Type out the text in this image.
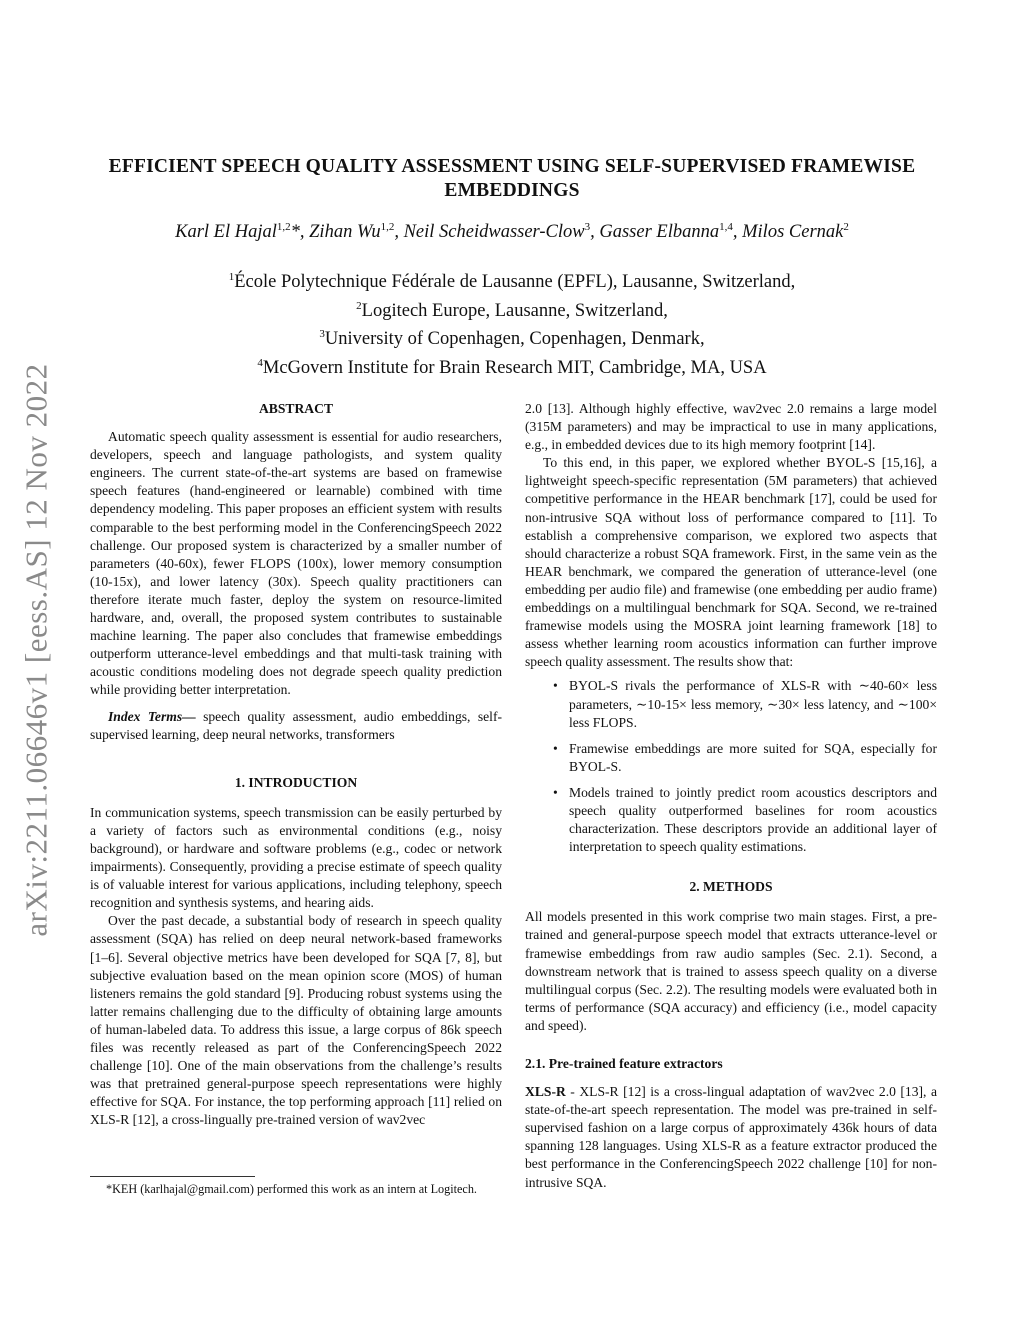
arXiv:2211.06646v1 [eess.AS] 12 Nov 2022
EFFICIENT SPEECH QUALITY ASSESSMENT USING SELF-SUPERVISED FRAMEWISE
EMBEDDINGS
Karl El Hajal$^{1,2}$*, Zihan Wu$^{1,2}$, Neil Scheidwasser-Clow$^3$, Gasser Elbanna$^{1,4}$, Milos Cernak$^2$
$^1$École Polytechnique Fédérale de Lausanne (EPFL), Lausanne, Switzerland,
$^2$Logitech Europe, Lausanne, Switzerland,
$^3$University of Copenhagen, Copenhagen, Denmark,
$^4$McGovern Institute for Brain Research MIT, Cambridge, MA, USA
ABSTRACT

Automatic speech quality assessment is essential for audio researchers, developers, speech and language pathologists, and system quality engineers. The current state-of-the-art systems are based on framewise speech features (hand-engineered or learnable) combined with time dependency modeling. This paper proposes an efficient system with results comparable to the best performing model in the ConferencingSpeech 2022 challenge. Our proposed system is characterized by a smaller number of parameters (40-60x), fewer FLOPS (100x), lower memory consumption (10-15x), and lower latency (30x). Speech quality practitioners can therefore iterate much faster, deploy the system on resource-limited hardware, and, overall, the proposed system contributes to sustainable machine learning. The paper also concludes that framewise embeddings outperform utterance-level embeddings and that multi-task training with acoustic conditions modeling does not degrade speech quality prediction while providing better interpretation.

Index Terms— speech quality assessment, audio embeddings, self-supervised learning, deep neural networks, transformers

1. INTRODUCTION

In communication systems, speech transmission can be easily perturbed by a variety of factors such as environmental conditions (e.g., noisy background), or hardware and software problems (e.g., codec or network impairments). Consequently, providing a precise estimate of speech quality is of valuable interest for various applications, including telephony, speech recognition and synthesis systems, and hearing aids.

Over the past decade, a substantial body of research in speech quality assessment (SQA) has relied on deep neural network-based frameworks [1–6]. Several objective metrics have been developed for SQA [7, 8], but subjective evaluation based on the mean opinion score (MOS) of human listeners remains the gold standard [9]. Producing robust systems using the latter remains challenging due to the difficulty of obtaining large amounts of human-labeled data. To address this issue, a large corpus of 86k speech files was recently released as part of the ConferencingSpeech 2022 challenge [10]. One of the main observations from the challenge’s results was that pretrained general-purpose speech representations were highly effective for SQA. For instance, the top performing approach [11] relied on XLS-R [12], a cross-lingually pre-trained version of wav2vec

2.0 [13]. Although highly effective, wav2vec 2.0 remains a large model (315M parameters) and may be impractical to use in many applications, e.g., in embedded devices due to its high memory footprint [14].

To this end, in this paper, we explored whether BYOL-S [15,16], a lightweight speech-specific representation (5M parameters) that achieved competitive performance in the HEAR benchmark [17], could be used for non-intrusive SQA without loss of performance compared to [11]. To establish a comprehensive comparison, we explored two aspects that should characterize a robust SQA framework. First, in the same vein as the HEAR benchmark, we compared the generation of utterance-level (one embedding per audio file) and framewise (one embedding per audio frame) embeddings on a multilingual benchmark for SQA. Second, we re-trained framewise models using the MOSRA joint learning framework [18] to assess whether learning room acoustics information can further improve speech quality assessment. The results show that:

• BYOL-S rivals the performance of XLS-R with ∼40-60× less parameters, ∼10-15× less memory, ∼30× less latency, and ∼100× less FLOPS.
• Framewise embeddings are more suited for SQA, especially for BYOL-S.
• Models trained to jointly predict room acoustics descriptors and speech quality outperformed baselines for room acoustics characterization. These descriptors provide an additional layer of interpretation to speech quality estimations.
2. METHODS

All models presented in this work comprise two main stages. First, a pre-trained and general-purpose speech model that extracts utterance-level or framewise embeddings from raw audio samples (Sec. 2.1). Second, a downstream network that is trained to assess speech quality on a diverse multilingual corpus (Sec. 2.2). The resulting models were evaluated both in terms of performance (SQA accuracy) and efficiency (i.e., model capacity and speed).

2.1. Pre-trained feature extractors

XLS-R - XLS-R [12] is a cross-lingual adaptation of wav2vec 2.0 [13], a state-of-the-art speech representation. The model was pre-trained in self-supervised fashion on a large corpus of approximately 436k hours of data spanning 128 languages. Using XLS-R as a feature extractor produced the best performance in the ConferencingSpeech 2022 challenge [10] for non-intrusive SQA.

*KEH (karlhajal@gmail.com) performed this work as an intern at Logitech.
